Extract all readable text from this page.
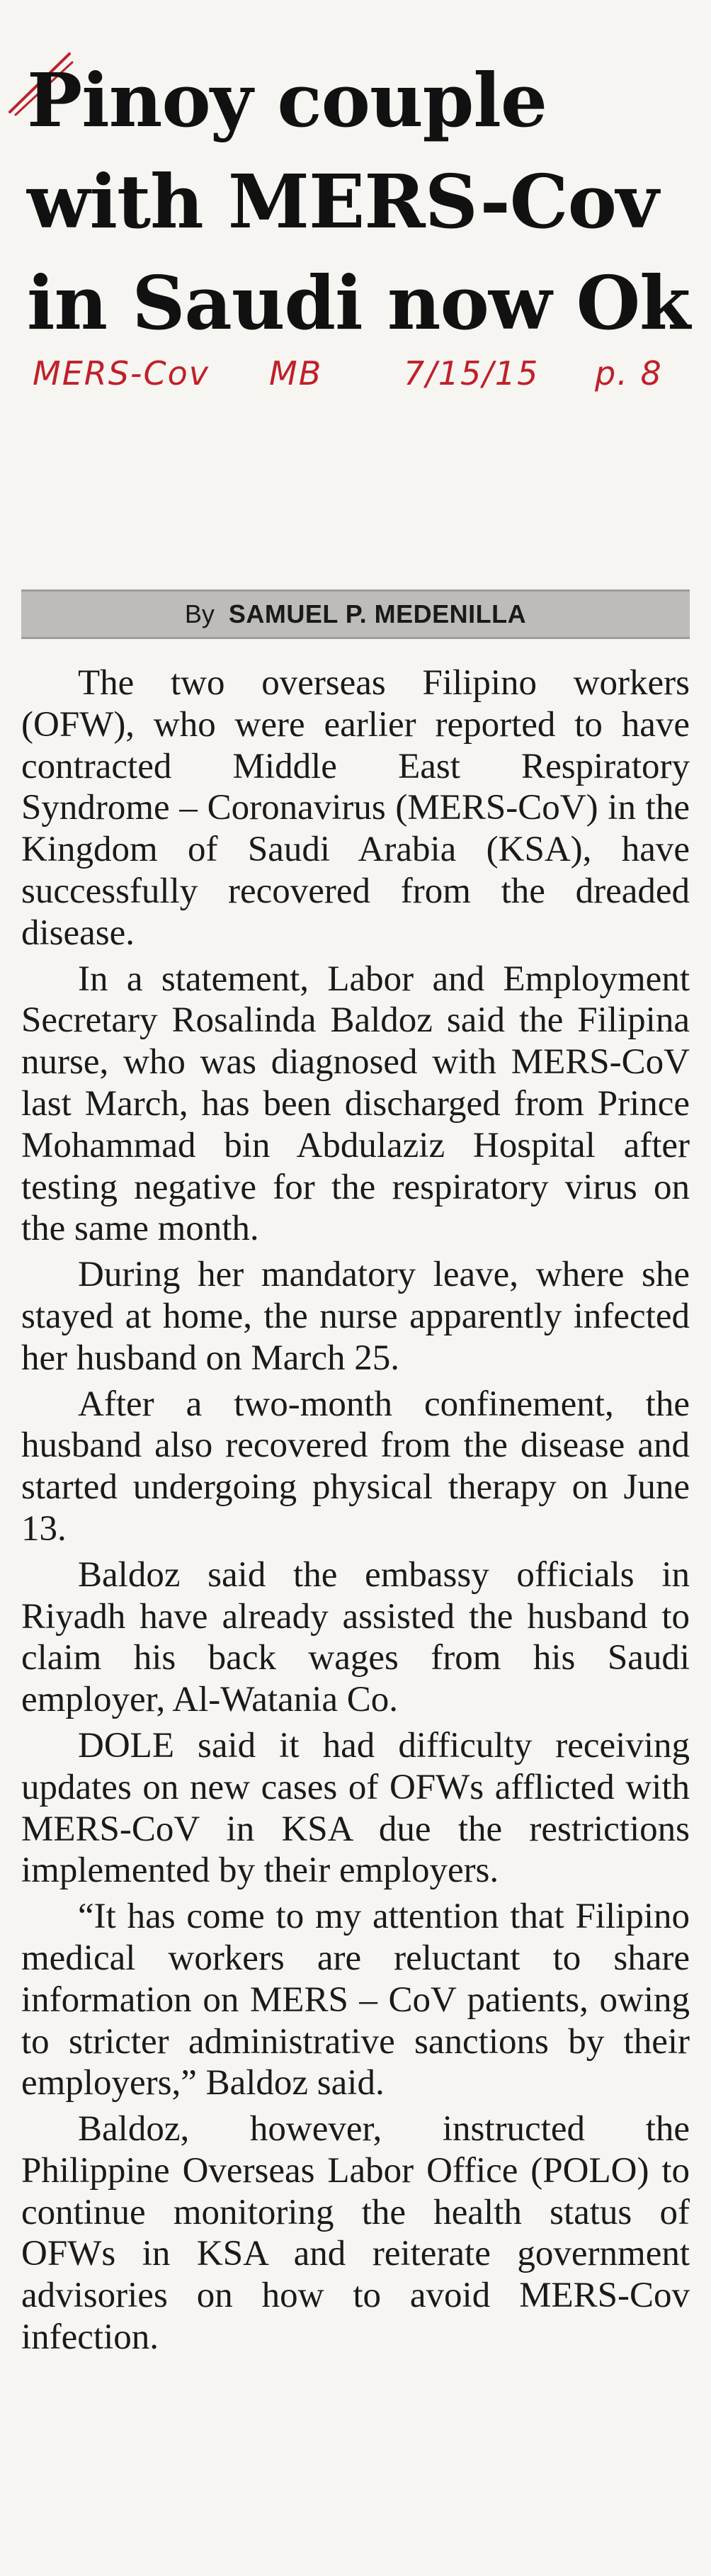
Pinoy couple
with MERS-Cov
in Saudi now Ok
MERS-Cov MB 7/15/15 p. 8
By SAMUEL P. MEDENILLA

The two overseas Filipino workers (OFW), who were earlier reported to have contracted Middle East Respiratory Syndrome – Coronavirus (MERS-CoV) in the Kingdom of Saudi Arabia (KSA), have successfully recovered from the dreaded disease.

In a statement, Labor and Employment Secretary Rosalinda Baldoz said the Filipina nurse, who was diagnosed with MERS-CoV last March, has been discharged from Prince Mohammad bin Abdulaziz Hospital after testing negative for the respiratory virus on the same month.

During her mandatory leave, where she stayed at home, the nurse apparently infected her husband on March 25.

After a two-month confinement, the husband also recovered from the disease and started undergoing physical therapy on June 13.

Baldoz said the embassy officials in Riyadh have already assisted the husband to claim his back wages from his Saudi employer, Al-Watania Co.

DOLE said it had difficulty receiving updates on new cases of OFWs afflicted with MERS-CoV in KSA due the restrictions implemented by their employers.

“It has come to my attention that Filipino medical workers are reluctant to share information on MERS – CoV patients, owing to stricter administrative sanctions by their employers,” Baldoz said.

Baldoz, however, instructed the Philippine Overseas Labor Office (POLO) to continue monitoring the health status of OFWs in KSA and reiterate government advisories on how to avoid MERS-Cov infection.
